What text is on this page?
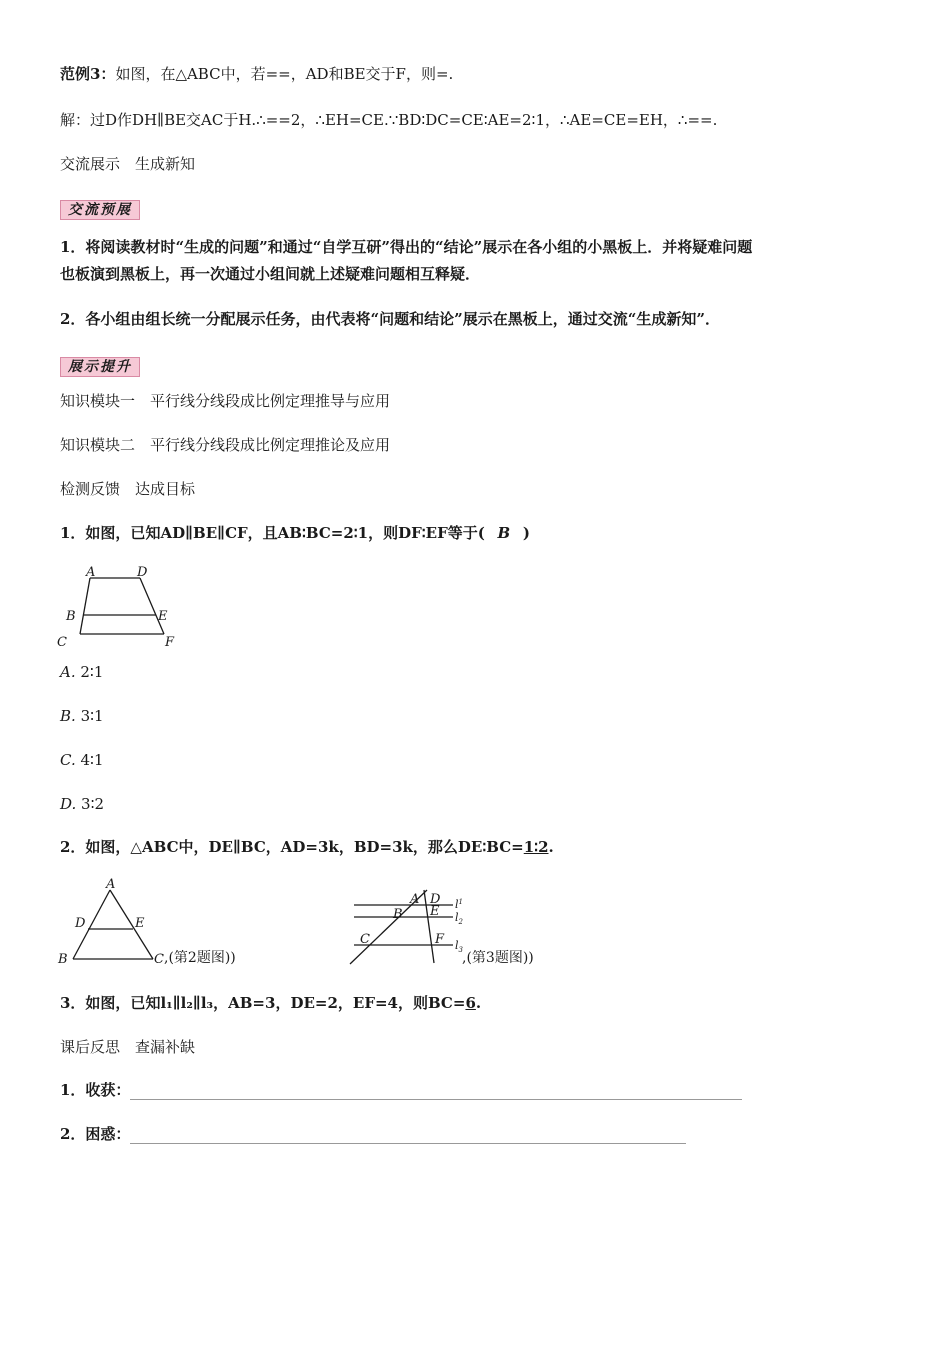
范例3：如图，在△ABC中，若==，AD和BE交于F，则=.
解：过D作DH∥BE交AC于H.∴==2，∴EH=CE.∵BD∶DC=CE∶AE=2∶1，∴AE=CE=EH，∴==.
交流展示　生成新知
交流预展
1．将阅读教材时“生成的问题”和通过“自学互研”得出的“结论”展示在各小组的小黑板上．并将疑难问题
也板演到黑板上，再一次通过小组间就上述疑难问题相互释疑．
2．各小组由组长统一分配展示任务，由代表将“问题和结论”展示在黑板上，通过交流“生成新知”．
展示提升
知识模块一　平行线分线段成比例定理推导与应用
知识模块二　平行线分线段成比例定理推论及应用
检测反馈　达成目标
1．如图，已知AD∥BE∥CF，且AB∶BC=2∶1，则DF∶EF等于( B )
A	D
B	E
C	F
A. 2∶1
B. 3∶1
C. 4∶1
D. 3∶2
2．如图，△ABC中，DE∥BC，AD=3k，BD=3k，那么DE∶BC=1∶2.
A
D	E
B	C ,(第2题图))
A D
B E
C	F
$l^1$
$l_2$
$l_3$ ,(第3题图))
3．如图，已知l₁∥l₂∥l₃，AB=3，DE=2，EF=4，则BC=6.
课后反思　查漏补缺
1．收获：
2．困惑：
